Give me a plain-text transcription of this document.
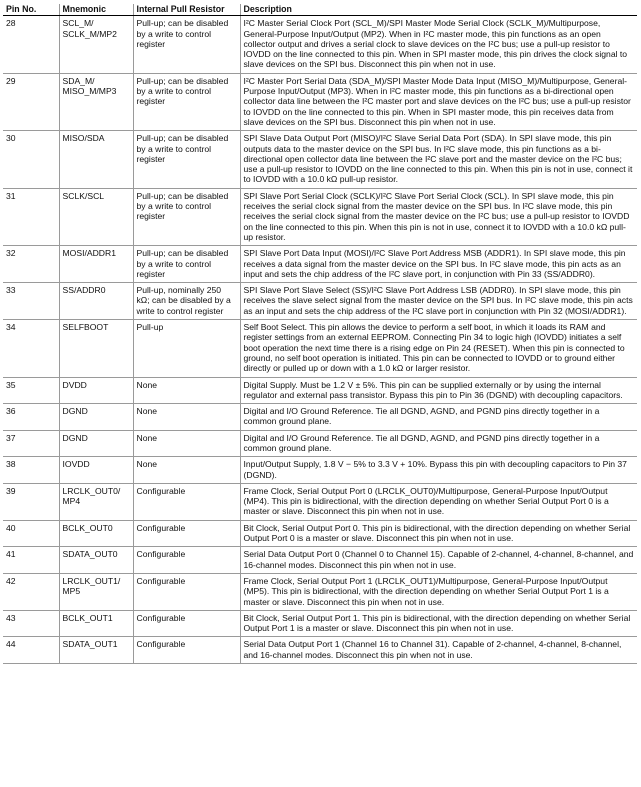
Pin No.	Mnemonic	Internal Pull Resistor	Description
28	SCL_M/ SCLK_M/MP2	Pull-up; can be disabled by a write to control register	I²C Master Serial Clock Port (SCL_M)/SPI Master Mode Serial Clock (SCLK_M)/Multipurpose, General-Purpose Input/Output (MP2). When in I²C master mode, this pin functions as an open collector output and drives a serial clock to slave devices on the I²C bus; use a pull-up resistor to IOVDD on the line connected to this pin. When in SPI master mode, this pin drives the clock signal to slave devices on the SPI bus. Disconnect this pin when not in use.
29	SDA_M/ MISO_M/MP3	Pull-up; can be disabled by a write to control register	I²C Master Port Serial Data (SDA_M)/SPI Master Mode Data Input (MISO_M)/Multipurpose, General-Purpose Input/Output (MP3). When in I²C master mode, this pin functions as a bi-directional open collector data line between the I²C master port and slave devices on the I²C bus; use a pull-up resistor to IOVDD on the line connected to this pin. When in SPI master mode, this pin receives data from slave devices on the SPI bus. Disconnect this pin when not in use.
30	MISO/SDA	Pull-up; can be disabled by a write to control register	SPI Slave Data Output Port (MISO)/I²C Slave Serial Data Port (SDA). In SPI slave mode, this pin outputs data to the master device on the SPI bus. In I²C slave mode, this pin functions as a bi-directional open collector data line between the I²C slave port and the master device on the I²C bus; use a pull-up resistor to IOVDD on the line connected to this pin. When this pin is not in use, connect it to IOVDD with a 10.0 kΩ pull-up resistor.
31	SCLK/SCL	Pull-up; can be disabled by a write to control register	SPI Slave Port Serial Clock (SCLK)/I²C Slave Port Serial Clock (SCL). In SPI slave mode, this pin receives the serial clock signal from the master device on the SPI bus. In I²C slave mode, this pin receives the serial clock signal from the master device on the I²C bus; use a pull-up resistor to IOVDD on the line connected to this pin. When this pin is not in use, connect it to IOVDD with a 10.0 kΩ pull-up resistor.
32	MOSI/ADDR1	Pull-up; can be disabled by a write to control register	SPI Slave Port Data Input (MOSI)/I²C Slave Port Address MSB (ADDR1). In SPI slave mode, this pin receives a data signal from the master device on the SPI bus. In I²C slave mode, this pin acts as an input and sets the chip address of the I²C slave port, in conjunction with Pin 33 (SS/ADDR0).
33	SS/ADDR0	Pull-up, nominally 250 kΩ; can be disabled by a write to control register	SPI Slave Port Slave Select (SS)/I²C Slave Port Address LSB (ADDR0). In SPI slave mode, this pin receives the slave select signal from the master device on the SPI bus. In I²C slave mode, this pin acts as an input and sets the chip address of the I²C slave port in conjunction with Pin 32 (MOSI/ADDR1).
34	SELFBOOT	Pull-up	Self Boot Select. This pin allows the device to perform a self boot, in which it loads its RAM and register settings from an external EEPROM. Connecting Pin 34 to logic high (IOVDD) initiates a self boot operation the next time there is a rising edge on Pin 24 (RESET). When this pin is connected to ground, no self boot operation is initiated. This pin can be connected to IOVDD or to ground either directly or pulled up or down with a 1.0 kΩ or larger resistor.
35	DVDD	None	Digital Supply. Must be 1.2 V ± 5%. This pin can be supplied externally or by using the internal regulator and external pass transistor. Bypass this pin to Pin 36 (DGND) with decoupling capacitors.
36	DGND	None	Digital and I/O Ground Reference. Tie all DGND, AGND, and PGND pins directly together in a common ground plane.
37	DGND	None	Digital and I/O Ground Reference. Tie all DGND, AGND, and PGND pins directly together in a common ground plane.
38	IOVDD	None	Input/Output Supply, 1.8 V − 5% to 3.3 V + 10%. Bypass this pin with decoupling capacitors to Pin 37 (DGND).
39	LRCLK_OUT0/ MP4	Configurable	Frame Clock, Serial Output Port 0 (LRCLK_OUT0)/Multipurpose, General-Purpose Input/Output (MP4). This pin is bidirectional, with the direction depending on whether Serial Output Port 0 is a master or slave. Disconnect this pin when not in use.
40	BCLK_OUT0	Configurable	Bit Clock, Serial Output Port 0. This pin is bidirectional, with the direction depending on whether Serial Output Port 0 is a master or slave. Disconnect this pin when not in use.
41	SDATA_OUT0	Configurable	Serial Data Output Port 0 (Channel 0 to Channel 15). Capable of 2-channel, 4-channel, 8-channel, and 16-channel modes. Disconnect this pin when not in use.
42	LRCLK_OUT1/ MP5	Configurable	Frame Clock, Serial Output Port 1 (LRCLK_OUT1)/Multipurpose, General-Purpose Input/Output (MP5). This pin is bidirectional, with the direction depending on whether Serial Output Port 1 is a master or slave. Disconnect this pin when not in use.
43	BCLK_OUT1	Configurable	Bit Clock, Serial Output Port 1. This pin is bidirectional, with the direction depending on whether Serial Output Port 1 is a master or slave. Disconnect this pin when not in use.
44	SDATA_OUT1	Configurable	Serial Data Output Port 1 (Channel 16 to Channel 31). Capable of 2-channel, 4-channel, 8-channel, and 16-channel modes. Disconnect this pin when not in use.
